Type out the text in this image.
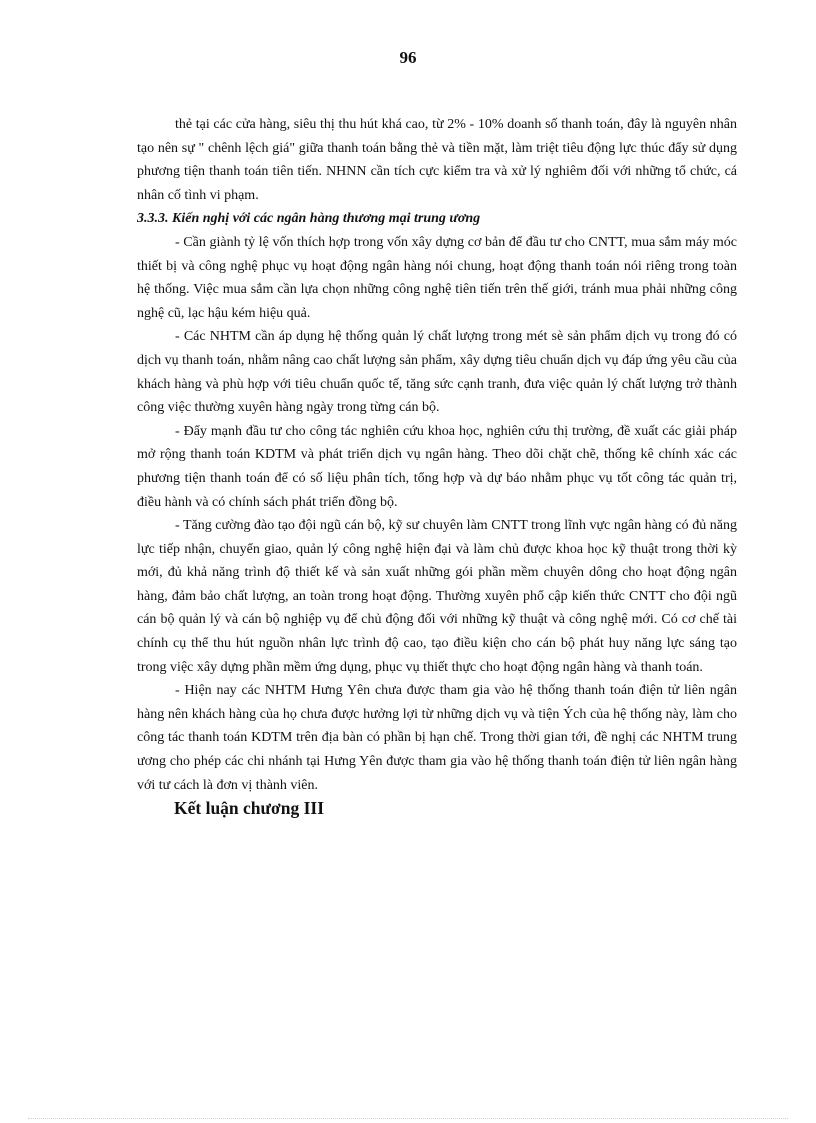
96

thẻ tại các cửa hàng, siêu thị thu hút khá cao, từ 2% - 10% doanh số thanh toán, đây là nguyên nhân tạo nên sự " chênh lệch giá" giữa thanh toán bằng thẻ và tiền mặt, làm triệt tiêu động lực thúc đẩy sử dụng phương tiện thanh toán tiên tiến. NHNN cần tích cực kiểm tra và xử lý nghiêm đối với những tổ chức, cá nhân cố tình vi phạm.

3.3.3. Kiến nghị với các ngân hàng thương mại trung ương

- Cần giành tỷ lệ vốn thích hợp trong vốn xây dựng cơ bản để đầu tư cho CNTT, mua sắm máy móc thiết bị và công nghệ phục vụ hoạt động ngân hàng nói chung, hoạt động thanh toán nói riêng trong toàn hệ thống. Việc mua sắm cần lựa chọn những công nghệ tiên tiến trên thế giới, tránh mua phải những công nghệ cũ, lạc hậu kém hiệu quả.

- Các NHTM cần áp dụng hệ thống quản lý chất lượng trong mét sè sản phẩm dịch vụ trong đó có dịch vụ thanh toán, nhằm nâng cao chất lượng sản phẩm, xây dựng tiêu chuẩn dịch vụ đáp ứng yêu cầu của khách hàng và phù hợp với tiêu chuẩn quốc tế, tăng sức cạnh tranh, đưa việc quản lý chất lượng trở thành công việc thường xuyên hàng ngày trong từng cán bộ.

- Đẩy mạnh đầu tư cho công tác nghiên cứu khoa học, nghiên cứu thị trường, đề xuất các giải pháp mở rộng thanh toán KDTM và phát triển dịch vụ ngân hàng. Theo dõi chặt chẽ, thống kê chính xác các phương tiện thanh toán để có số liệu phân tích, tổng hợp và dự báo nhằm phục vụ tốt công tác quản trị, điều hành và có chính sách phát triển đồng bộ.

- Tăng cường đào tạo đội ngũ cán bộ, kỹ sư chuyên làm CNTT trong lĩnh vực ngân hàng có đủ năng lực tiếp nhận, chuyển giao, quản lý công nghệ hiện đại và làm chủ được khoa học kỹ thuật trong thời kỳ mới, đủ khả năng trình độ thiết kế và sản xuất những gói phần mềm chuyên dông cho hoạt động ngân hàng, đảm bảo chất lượng, an toàn trong hoạt động. Thường xuyên phổ cập kiến thức CNTT cho đội ngũ cán bộ quản lý và cán bộ nghiệp vụ để chủ động đối với những kỹ thuật và công nghệ mới. Có cơ chế tài chính cụ thể thu hút nguồn nhân lực trình độ cao, tạo điều kiện cho cán bộ phát huy năng lực sáng tạo trong việc xây dựng phần mềm ứng dụng, phục vụ thiết thực cho hoạt động ngân hàng và thanh toán.

- Hiện nay các NHTM Hưng Yên chưa được tham gia vào hệ thống thanh toán điện tử liên ngân hàng nên khách hàng của họ chưa được hưởng lợi từ những dịch vụ và tiện Ých của hệ thống này, làm cho công tác thanh toán KDTM trên địa bàn có phần bị hạn chế. Trong thời gian tới, đề nghị các NHTM trung ương cho phép các chi nhánh tại Hưng Yên được tham gia vào hệ thống thanh toán điện tử liên ngân hàng với tư cách là đơn vị thành viên.

Kết luận chương III
